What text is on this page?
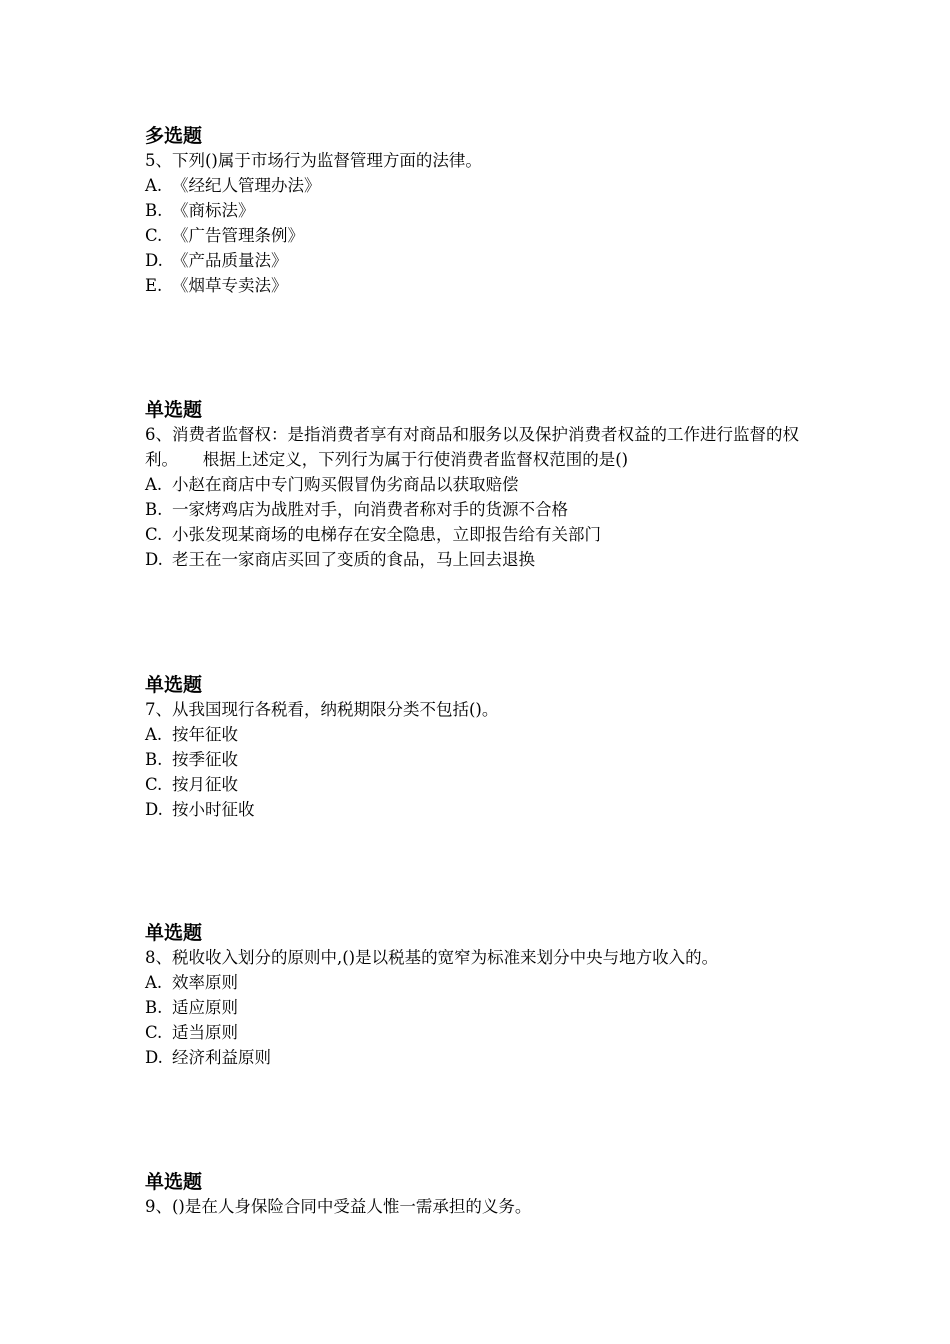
多选题
5、下列()属于市场行为监督管理方面的法律。
A. 《经纪人管理办法》
B. 《商标法》
C. 《广告管理条例》
D. 《产品质量法》
E. 《烟草专卖法》
单选题
6、消费者监督权：是指消费者享有对商品和服务以及保护消费者权益的工作进行监督的权利。　　根据上述定义，下列行为属于行使消费者监督权范围的是()
A. 小赵在商店中专门购买假冒伪劣商品以获取赔偿
B. 一家烤鸡店为战胜对手，向消费者称对手的货源不合格
C. 小张发现某商场的电梯存在安全隐患，立即报告给有关部门
D. 老王在一家商店买回了变质的食品，马上回去退换
单选题
7、从我国现行各税看，纳税期限分类不包括()。
A. 按年征收
B. 按季征收
C. 按月征收
D. 按小时征收
单选题
8、税收收入划分的原则中,()是以税基的宽窄为标准来划分中央与地方收入的。
A. 效率原则
B. 适应原则
C. 适当原则
D. 经济利益原则
单选题
9、()是在人身保险合同中受益人惟一需承担的义务。
